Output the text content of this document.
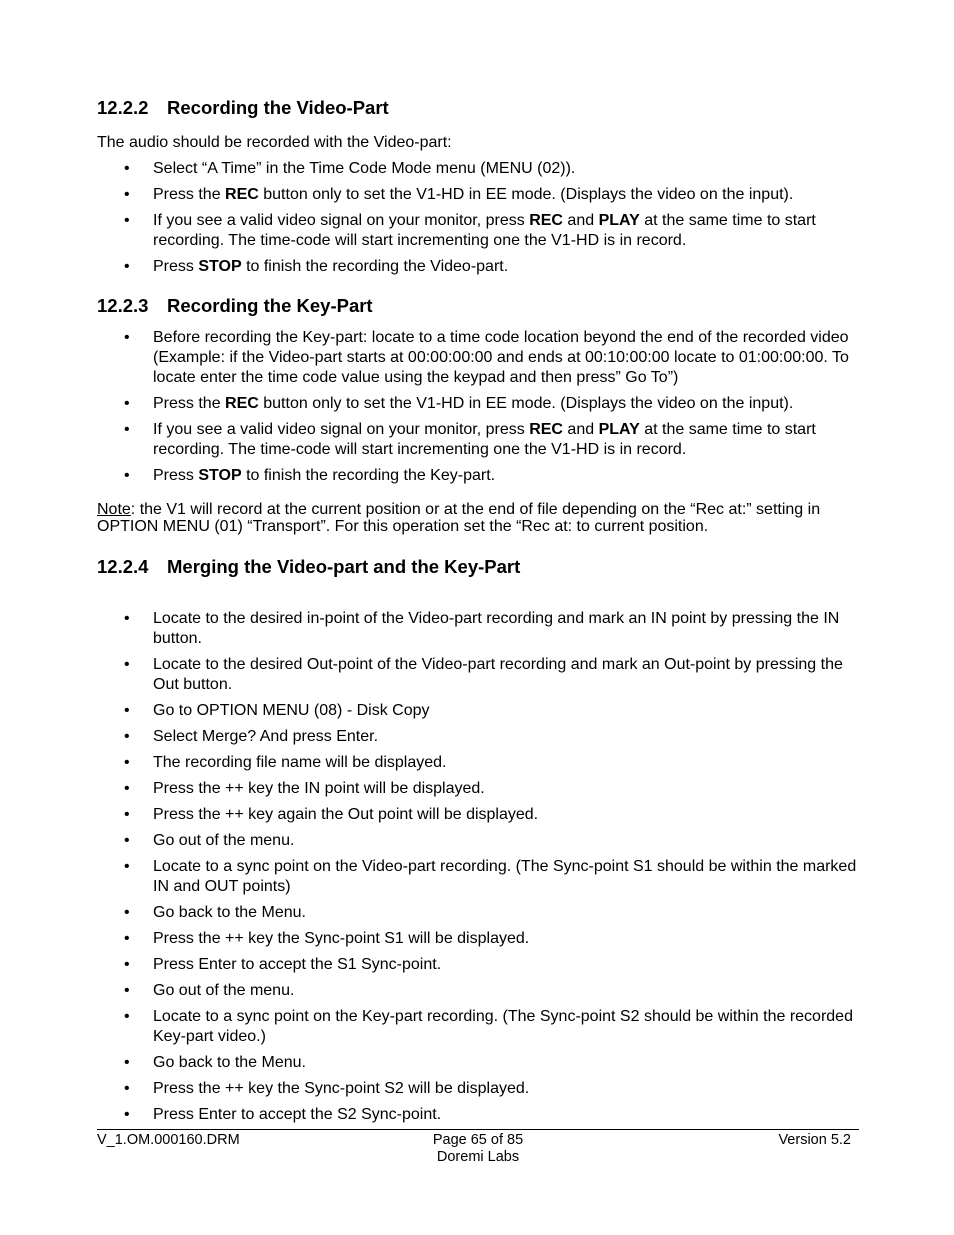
12.2.2 Recording the Video-Part

The audio should be recorded with the Video-part:

• Select “A Time” in the Time Code Mode menu (MENU (02)).
• Press the REC button only to set the V1-HD in EE mode. (Displays the video on the input).
• If you see a valid video signal on your monitor, press REC and PLAY at the same time to start recording. The time-code will start incrementing one the V1-HD is in record.
• Press STOP to finish the recording the Video-part.
12.2.3 Recording the Key-Part
• Before recording the Key-part: locate to a time code location beyond the end of the recorded video (Example: if the Video-part starts at 00:00:00:00 and ends at 00:10:00:00 locate to 01:00:00:00. To locate enter the time code value using the keypad and then press” Go To”)
• Press the REC button only to set the V1-HD in EE mode. (Displays the video on the input).
• If you see a valid video signal on your monitor, press REC and PLAY at the same time to start recording. The time-code will start incrementing one the V1-HD is in record.
• Press STOP to finish the recording the Key-part.

Note: the V1 will record at the current position or at the end of file depending on the “Rec at:” setting in OPTION MENU (01) “Transport”. For this operation set the “Rec at: to current position.

12.2.4 Merging the Video-part and the Key-Part
• Locate to the desired in-point of the Video-part recording and mark an IN point by pressing the IN button.
• Locate to the desired Out-point of the Video-part recording and mark an Out-point by pressing the Out button.
• Go to OPTION MENU (08) - Disk Copy
• Select Merge? And press Enter.
• The recording file name will be displayed.
• Press the ++ key the IN point will be displayed.
• Press the ++ key again the Out point will be displayed.
• Go out of the menu.
• Locate to a sync point on the Video-part recording. (The Sync-point S1 should be within the marked IN and OUT points)
• Go back to the Menu.
• Press the ++ key the Sync-point S1 will be displayed.
• Press Enter to accept the S1 Sync-point.
• Go out of the menu.
• Locate to a sync point on the Key-part recording. (The Sync-point S2 should be within the recorded Key-part video.)
• Go back to the Menu.
• Press the ++ key the Sync-point S2 will be displayed.
• Press Enter to accept the S2 Sync-point.
V_1.OM.000160.DRM	Page 65 of 85
Doremi Labs
Version 5.2
